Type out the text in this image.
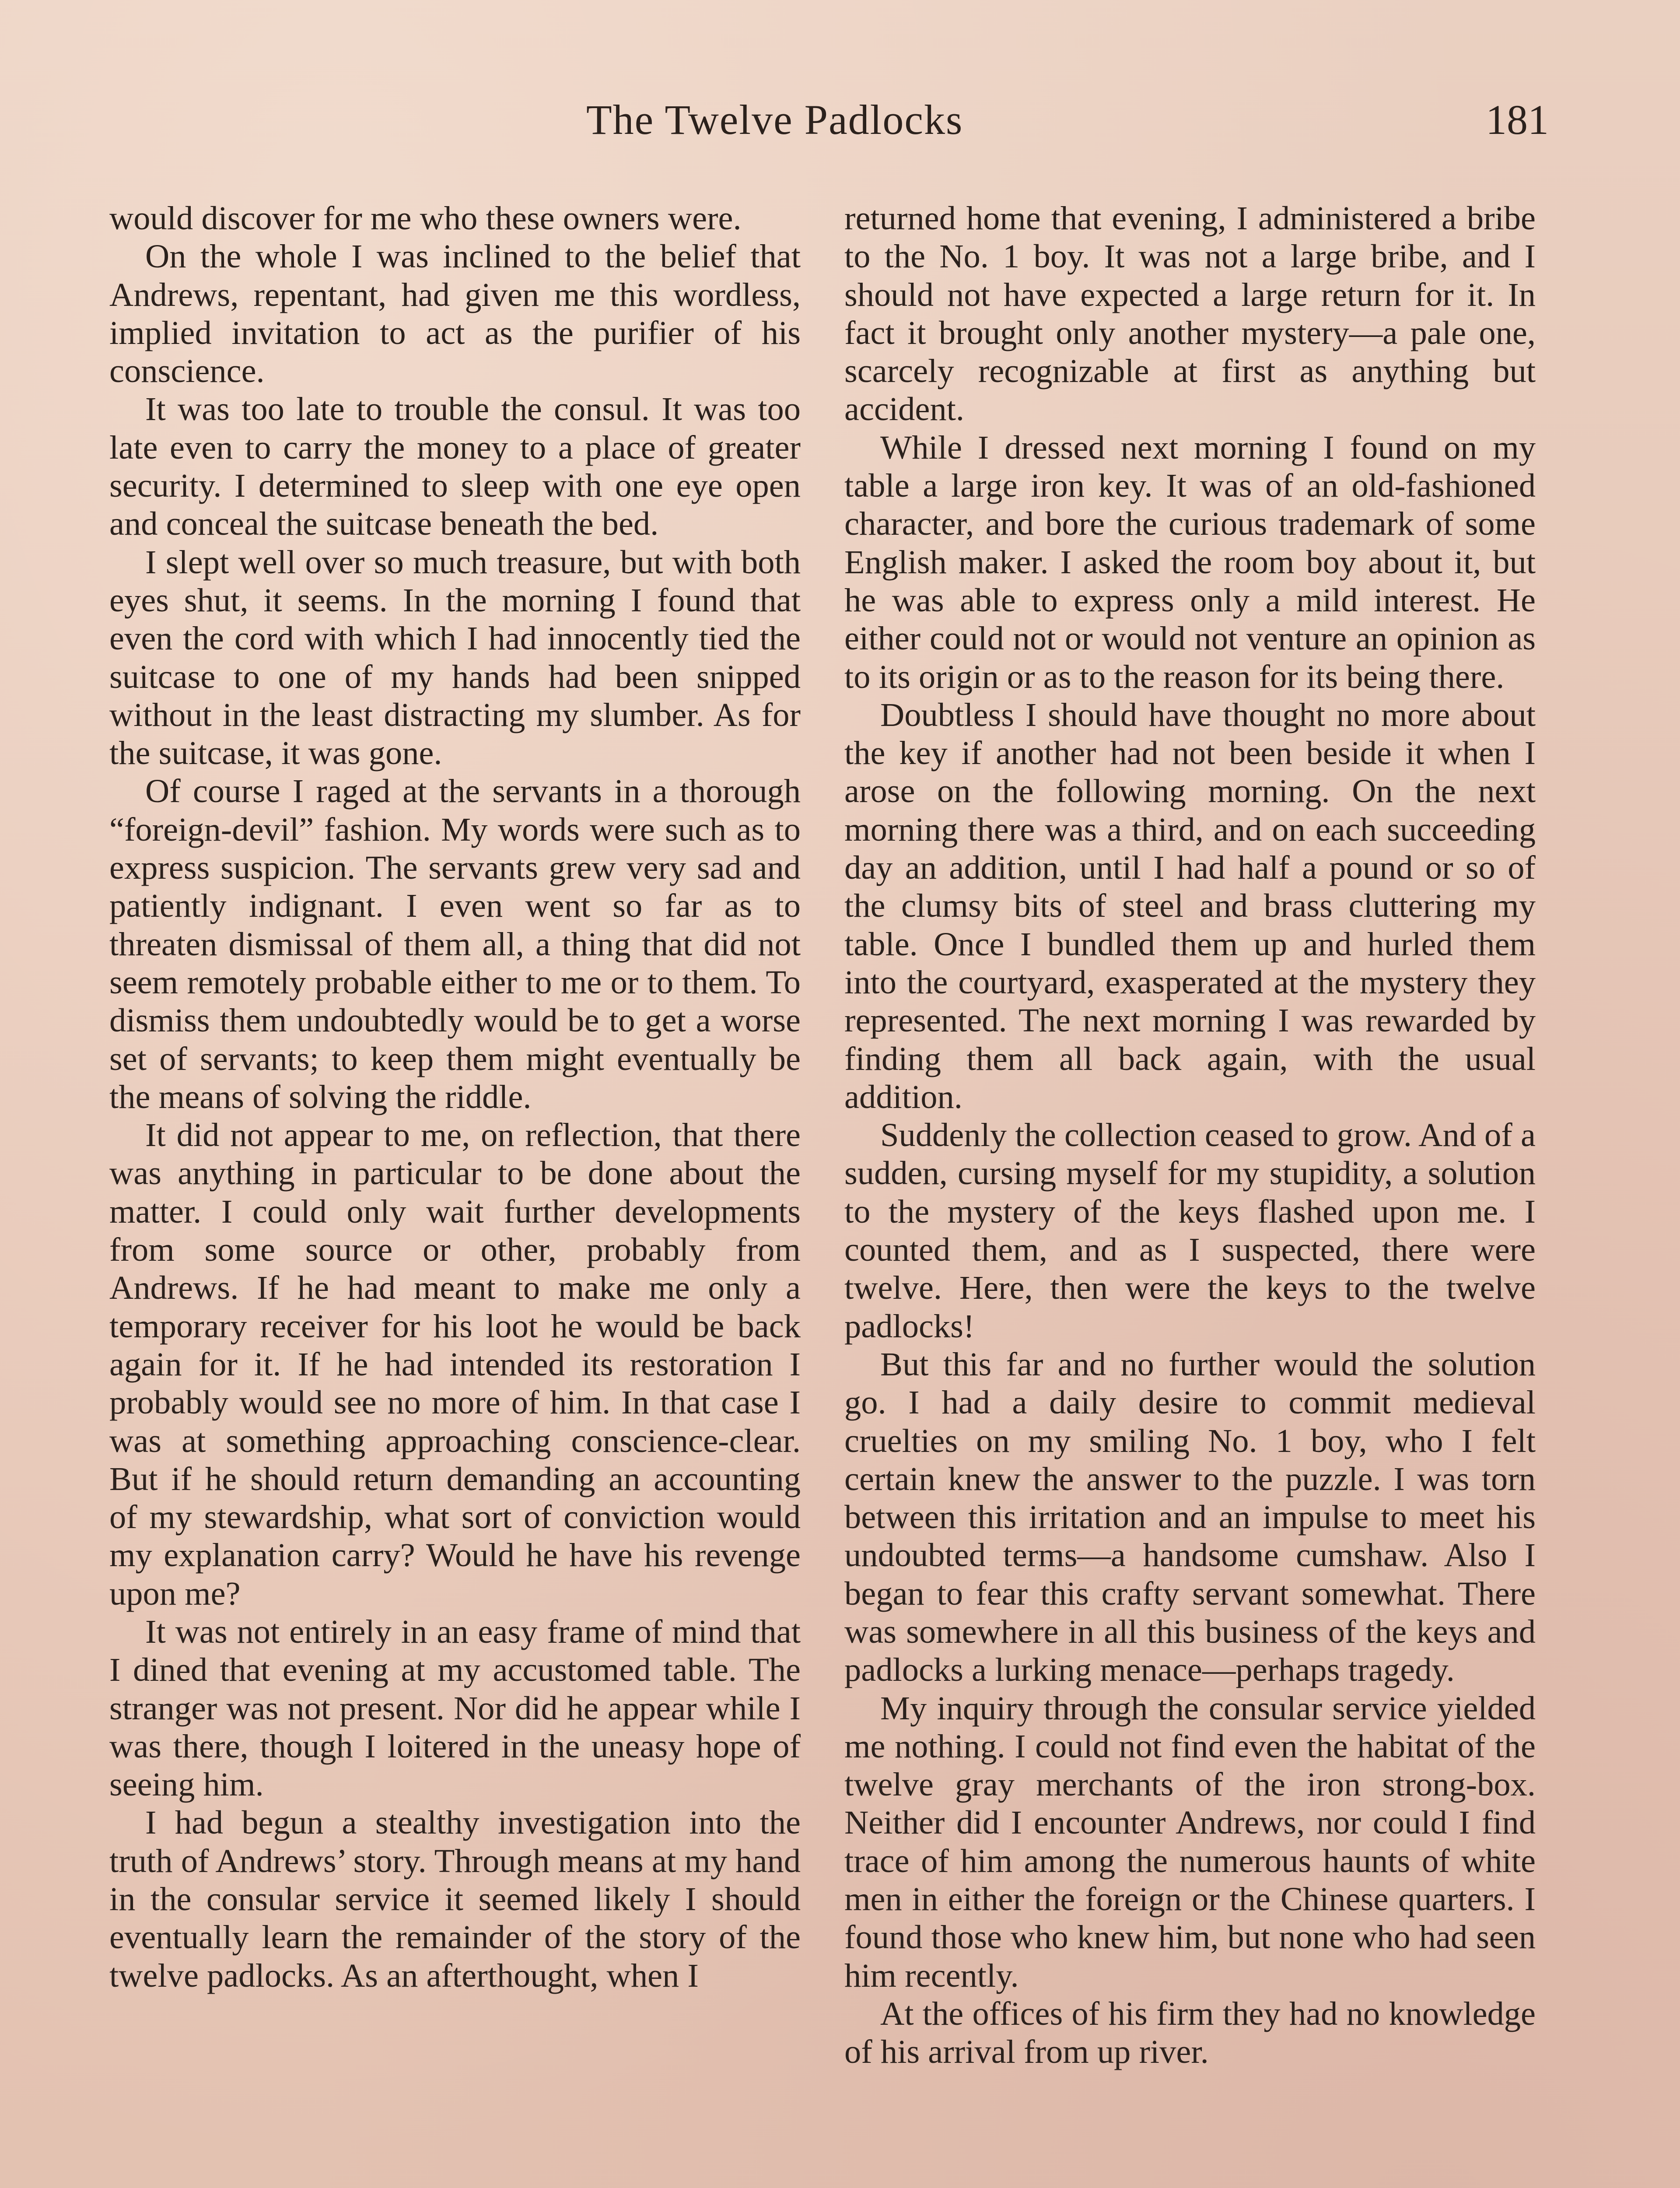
The Twelve Padlocks	181

would discover for me who these owners were.

On the whole I was inclined to the belief that Andrews, repentant, had given me this wordless, implied invitation to act as the purifier of his conscience.

It was too late to trouble the consul. It was too late even to carry the money to a place of greater security. I determined to sleep with one eye open and conceal the suitcase beneath the bed.

I slept well over so much treasure, but with both eyes shut, it seems. In the morning I found that even the cord with which I had innocently tied the suitcase to one of my hands had been snipped without in the least distracting my slumber. As for the suitcase, it was gone.

Of course I raged at the servants in a thorough “foreign-devil” fashion. My words were such as to express suspicion. The servants grew very sad and patiently indignant. I even went so far as to threaten dismissal of them all, a thing that did not seem remotely probable either to me or to them. To dismiss them undoubtedly would be to get a worse set of servants; to keep them might eventually be the means of solving the riddle.

It did not appear to me, on reflection, that there was anything in particular to be done about the matter. I could only wait further developments from some source or other, probably from Andrews. If he had meant to make me only a temporary receiver for his loot he would be back again for it. If he had intended its restoration I probably would see no more of him. In that case I was at something approaching conscience-clear. But if he should return demanding an accounting of my stewardship, what sort of conviction would my explanation carry? Would he have his revenge upon me?

It was not entirely in an easy frame of mind that I dined that evening at my accustomed table. The stranger was not present. Nor did he appear while I was there, though I loitered in the uneasy hope of seeing him.

I had begun a stealthy investigation into the truth of Andrews’ story. Through means at my hand in the consular service it seemed likely I should eventually learn the remainder of the story of the twelve padlocks. As an afterthought, when I

returned home that evening, I administered a bribe to the No. 1 boy. It was not a large bribe, and I should not have expected a large return for it. In fact it brought only another mystery—a pale one, scarcely recognizable at first as anything but accident.

While I dressed next morning I found on my table a large iron key. It was of an old-fashioned character, and bore the curious trademark of some English maker. I asked the room boy about it, but he was able to express only a mild interest. He either could not or would not venture an opinion as to its origin or as to the reason for its being there.

Doubtless I should have thought no more about the key if another had not been beside it when I arose on the following morning. On the next morning there was a third, and on each succeeding day an addition, until I had half a pound or so of the clumsy bits of steel and brass cluttering my table. Once I bundled them up and hurled them into the courtyard, exasperated at the mystery they represented. The next morning I was rewarded by finding them all back again, with the usual addition.

Suddenly the collection ceased to grow. And of a sudden, cursing myself for my stupidity, a solution to the mystery of the keys flashed upon me. I counted them, and as I suspected, there were twelve. Here, then were the keys to the twelve padlocks!

But this far and no further would the solution go. I had a daily desire to commit medieval cruelties on my smiling No. 1 boy, who I felt certain knew the answer to the puzzle. I was torn between this irritation and an impulse to meet his undoubted terms—a handsome cumshaw. Also I began to fear this crafty servant somewhat. There was somewhere in all this business of the keys and padlocks a lurking menace—perhaps tragedy.

My inquiry through the consular service yielded me nothing. I could not find even the habitat of the twelve gray merchants of the iron strong-box. Neither did I encounter Andrews, nor could I find trace of him among the numerous haunts of white men in either the foreign or the Chinese quarters. I found those who knew him, but none who had seen him recently.

At the offices of his firm they had no knowledge of his arrival from up river.
